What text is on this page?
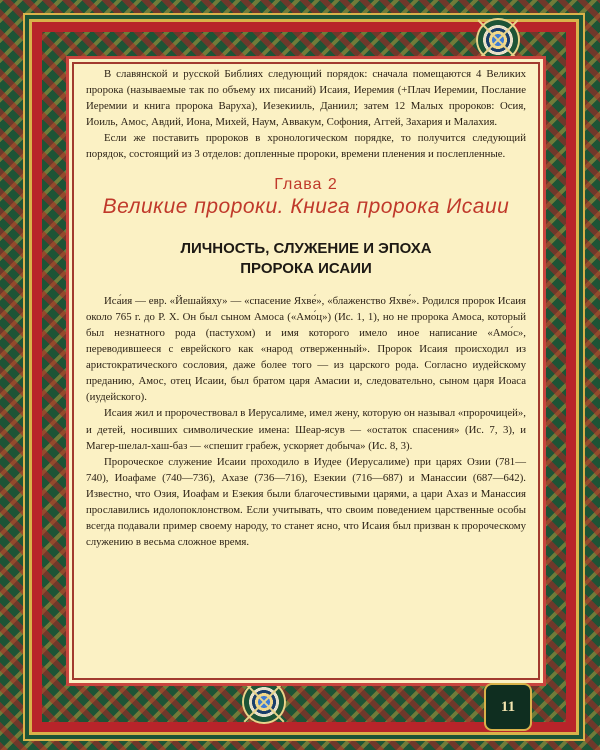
В славянской и русской Библиях следующий порядок: сначала помещаются 4 Великих пророка (называемые так по объему их писаний) Исаия, Иеремия (+Плач Иеремии, Послание Иеремии и книга пророка Варуха), Иезекииль, Даниил; затем 12 Малых пророков: Осия, Иоиль, Амос, Авдий, Иона, Михей, Наум, Аввакум, Софония, Аггей, Захария и Малахия.

Если же поставить пророков в хронологическом порядке, то получится следующий порядок, состоящий из 3 отделов: допленные пророки, времени пленения и послепленные.

Глава 2
Великие пророки. Книга пророка Исаии
ЛИЧНОСТЬ, СЛУЖЕНИЕ И ЭПОХА
ПРОРОКА ИСАИИ

Иса́ия — евр. «Йешайяху» — «спасение Яхве́», «блаженство Яхве́». Родился пророк Исаия около 765 г. до Р. Х. Он был сыном Амоса («Амо́ц») (Ис. 1, 1), но не пророка Амоса, который был незнатного рода (пастухом) и имя которого имело иное написание «Амо́с», переводившееся с еврейского как «народ отверженный». Пророк Исаия происходил из аристократического сословия, даже более того — из царского рода. Согласно иудейскому преданию, Амос, отец Исаии, был братом царя Амасии и, следовательно, сыном царя Иоаса (иудейского).

Исаия жил и пророчествовал в Иерусалиме, имел жену, которую он называл «пророчицей», и детей, носивших символические имена: Шеар-ясув — «остаток спасения» (Ис. 7, 3), и Магер-шелал-хаш-баз — «спешит грабеж, ускоряет добыча» (Ис. 8, 3).

Пророческое служение Исаии проходило в Иудее (Иерусалиме) при царях Озии (781—740), Иоафаме (740—736), Ахазе (736—716), Езекии (716—687) и Манассии (687—642). Известно, что Озия, Иоафам и Езекия были благочестивыми царями, а цари Ахаз и Манассия прославились идолопоклонством. Если учитывать, что своим поведением царственные особы всегда подавали пример своему народу, то станет ясно, что Исаия был призван к пророческому служению в весьма сложное время.

11
